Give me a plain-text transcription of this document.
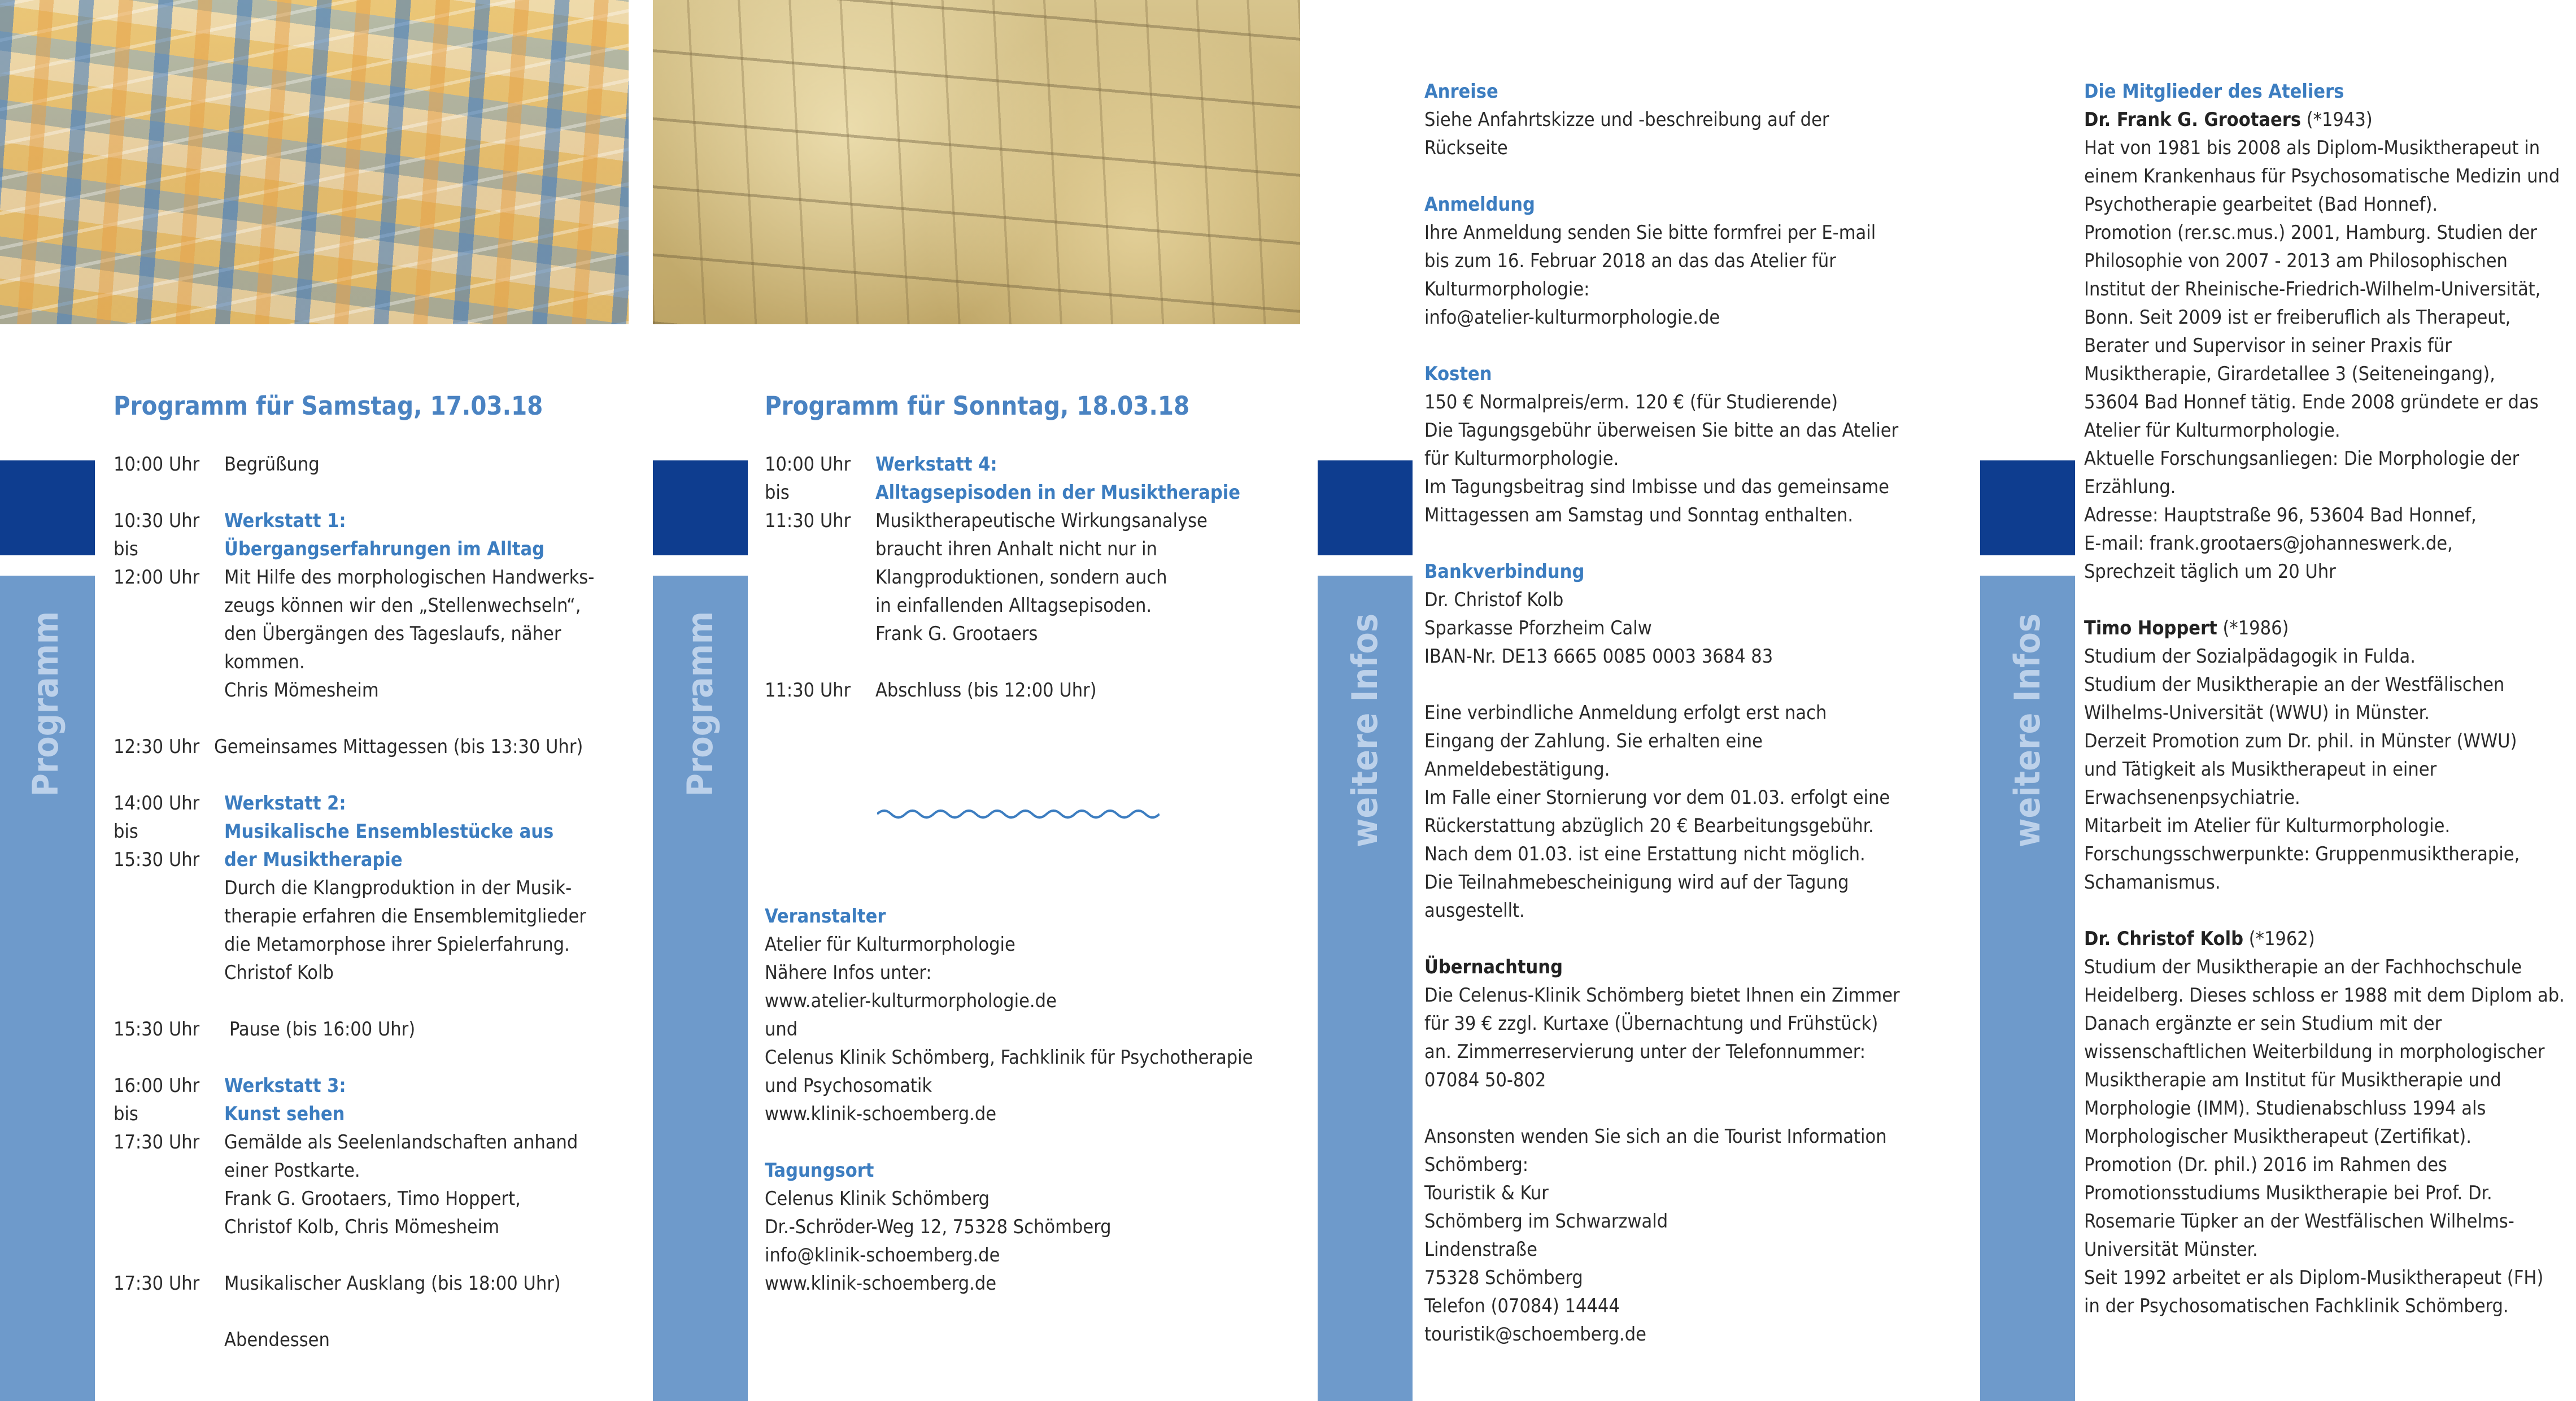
Programm	Programm	weitere Infos	weitere Infos
Programm für Samstag, 17.03.18
10:00 Uhr	Begrüßung
10:30 Uhr	Werkstatt 1:
bis	Übergangserfahrungen im Alltag
12:00 Uhr	Mit Hilfe des morphologischen Handwerks-
zeugs können wir den „Stellenwechseln“,
den Übergängen des Tageslaufs, näher
kommen.
Chris Mömesheim
12:30 Uhr Gemeinsames Mittagessen (bis 13:30 Uhr)
14:00 Uhr	Werkstatt 2:
bis	Musikalische Ensemblestücke aus
15:30 Uhr	der Musiktherapie
Durch die Klangproduktion in der Musik-
therapie erfahren die Ensemblemitglieder
die Metamorphose ihrer Spielerfahrung.
Christof Kolb
15:30 Uhr	Pause (bis 16:00 Uhr)
16:00 Uhr	Werkstatt 3:
bis	Kunst sehen
17:30 Uhr	Gemälde als Seelenlandschaften anhand
einer Postkarte.
Frank G. Grootaers, Timo Hoppert,
Christof Kolb, Chris Mömesheim
17:30 Uhr	Musikalischer Ausklang (bis 18:00 Uhr)
Abendessen
Programm für Sonntag, 18.03.18
10:00 Uhr	Werkstatt 4:
bis	Alltagsepisoden in der Musiktherapie
11:30 Uhr	Musiktherapeutische Wirkungsanalyse
braucht ihren Anhalt nicht nur in
Klangproduktionen, sondern auch
in einfallenden Alltagsepisoden.
Frank G. Grootaers
11:30 Uhr	Abschluss (bis 12:00 Uhr)
Veranstalter
Atelier für Kulturmorphologie
Nähere Infos unter:
www.atelier-kulturmorphologie.de
und
Celenus Klinik Schömberg, Fachklinik für Psychotherapie
und Psychosomatik
www.klinik-schoemberg.de
Tagungsort
Celenus Klinik Schömberg
Dr.-Schröder-Weg 12, 75328 Schömberg
info@klinik-schoemberg.de
www.klinik-schoemberg.de
Anreise
Siehe Anfahrtskizze und -beschreibung auf der
Rückseite
Anmeldung
Ihre Anmeldung senden Sie bitte formfrei per E-mail
bis zum 16. Februar 2018 an das das Atelier für
Kulturmorphologie:
info@atelier-kulturmorphologie.de
Kosten
150 € Normalpreis/erm. 120 € (für Studierende)
Die Tagungsgebühr überweisen Sie bitte an das Atelier
für Kulturmorphologie.
Im Tagungsbeitrag sind Imbisse und das gemeinsame
Mittagessen am Samstag und Sonntag enthalten.
Bankverbindung
Dr. Christof Kolb
Sparkasse Pforzheim Calw
IBAN-Nr. DE13 6665 0085 0003 3684 83
Eine verbindliche Anmeldung erfolgt erst nach
Eingang der Zahlung. Sie erhalten eine
Anmeldebestätigung.
Im Falle einer Stornierung vor dem 01.03. erfolgt eine
Rückerstattung abzüglich 20 € Bearbeitungsgebühr.
Nach dem 01.03. ist eine Erstattung nicht möglich.
Die Teilnahmebescheinigung wird auf der Tagung
ausgestellt.
Übernachtung
Die Celenus-Klinik Schömberg bietet Ihnen ein Zimmer
für 39 € zzgl. Kurtaxe (Übernachtung und Frühstück)
an. Zimmerreservierung unter der Telefonnummer:
07084 50-802
Ansonsten wenden Sie sich an die Tourist Information
Schömberg:
Touristik & Kur
Schömberg im Schwarzwald
Lindenstraße
75328 Schömberg
Telefon (07084) 14444
touristik@schoemberg.de
Die Mitglieder des Ateliers
Dr. Frank G. Grootaers (*1943)
Hat von 1981 bis 2008 als Diplom-Musiktherapeut in
einem Krankenhaus für Psychosomatische Medizin und
Psychotherapie gearbeitet (Bad Honnef).
Promotion (rer.sc.mus.) 2001, Hamburg. Studien der
Philosophie von 2007 - 2013 am Philosophischen
Institut der Rheinische-Friedrich-Wilhelm-Universität,
Bonn. Seit 2009 ist er freiberuflich als Therapeut,
Berater und Supervisor in seiner Praxis für
Musiktherapie, Girardetallee 3 (Seiteneingang),
53604 Bad Honnef tätig. Ende 2008 gründete er das
Atelier für Kulturmorphologie.
Aktuelle Forschungsanliegen: Die Morphologie der
Erzählung.
Adresse: Hauptstraße 96, 53604 Bad Honnef,
E-mail: frank.grootaers@johanneswerk.de,
Sprechzeit täglich um 20 Uhr
Timo Hoppert (*1986)
Studium der Sozialpädagogik in Fulda.
Studium der Musiktherapie an der Westfälischen
Wilhelms-Universität (WWU) in Münster.
Derzeit Promotion zum Dr. phil. in Münster (WWU)
und Tätigkeit als Musiktherapeut in einer
Erwachsenenpsychiatrie.
Mitarbeit im Atelier für Kulturmorphologie.
Forschungsschwerpunkte: Gruppenmusiktherapie,
Schamanismus.
Dr. Christof Kolb (*1962)
Studium der Musiktherapie an der Fachhochschule
Heidelberg. Dieses schloss er 1988 mit dem Diplom ab.
Danach ergänzte er sein Studium mit der
wissenschaftlichen Weiterbildung in morphologischer
Musiktherapie am Institut für Musiktherapie und
Morphologie (IMM). Studienabschluss 1994 als
Morphologischer Musiktherapeut (Zertifikat).
Promotion (Dr. phil.) 2016 im Rahmen des
Promotionsstudiums Musiktherapie bei Prof. Dr.
Rosemarie Tüpker an der Westfälischen Wilhelms-
Universität Münster.
Seit 1992 arbeitet er als Diplom-Musiktherapeut (FH)
in der Psychosomatischen Fachklinik Schömberg.
